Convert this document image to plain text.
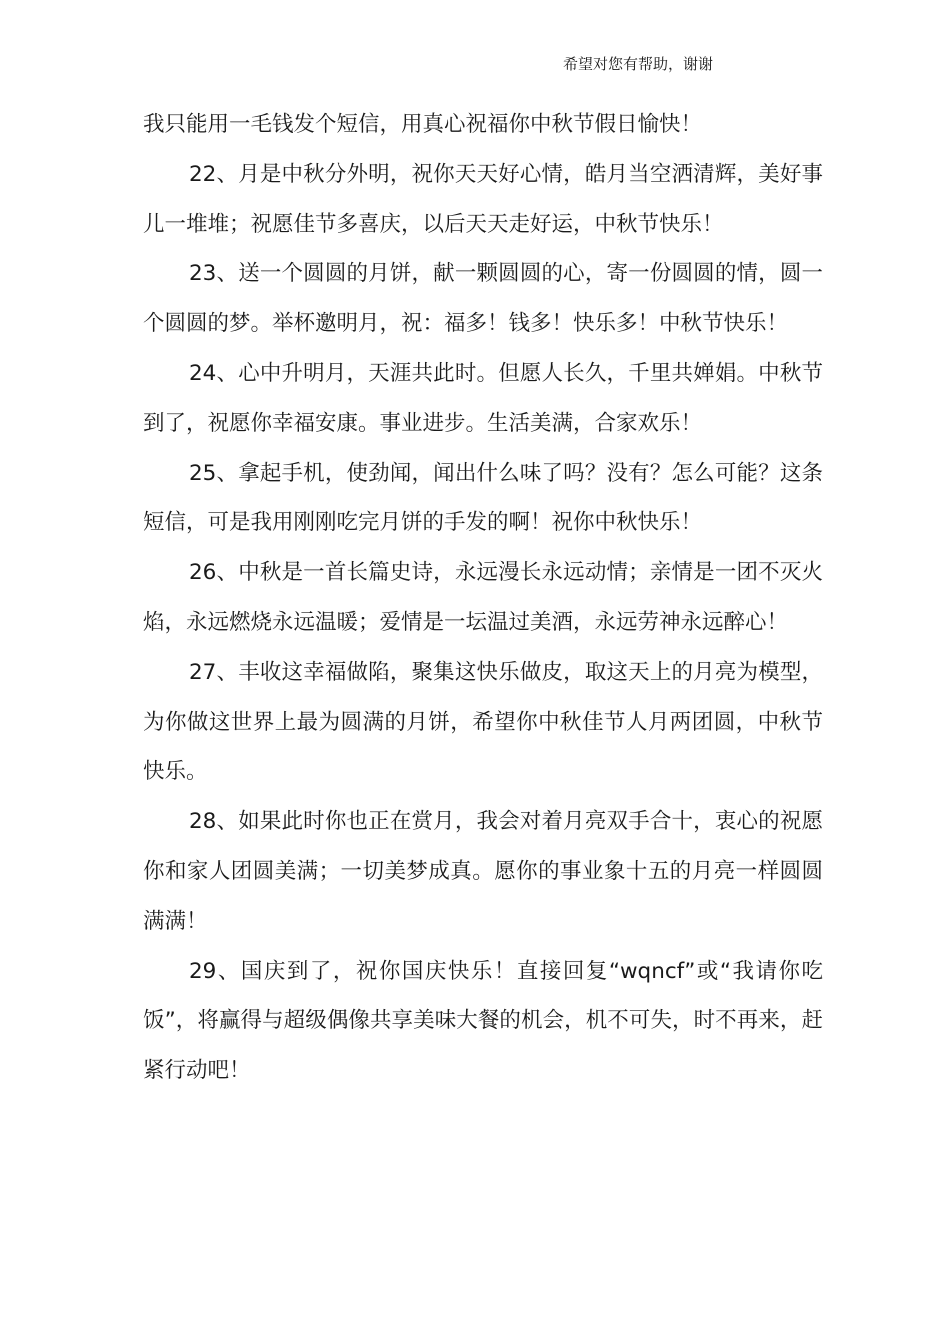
希望对您有帮助，谢谢

我只能用一毛钱发个短信，用真心祝福你中秋节假日愉快！

22、月是中秋分外明，祝你天天好心情，皓月当空洒清辉，美好事儿一堆堆；祝愿佳节多喜庆，以后天天走好运，中秋节快乐！

23、送一个圆圆的月饼，献一颗圆圆的心，寄一份圆圆的情，圆一个圆圆的梦。举杯邀明月，祝：福多！钱多！快乐多！中秋节快乐！

24、心中升明月，天涯共此时。但愿人长久，千里共婵娟。中秋节到了，祝愿你幸福安康。事业进步。生活美满，合家欢乐！

25、拿起手机，使劲闻，闻出什么味了吗？没有？怎么可能？这条短信，可是我用刚刚吃完月饼的手发的啊！祝你中秋快乐！

26、中秋是一首长篇史诗，永远漫长永远动情；亲情是一团不灭火焰，永远燃烧永远温暖；爱情是一坛温过美酒，永远劳神永远醉心！

27、丰收这幸福做陷，聚集这快乐做皮，取这天上的月亮为模型，为你做这世界上最为圆满的月饼，希望你中秋佳节人月两团圆，中秋节快乐。

28、如果此时你也正在赏月，我会对着月亮双手合十，衷心的祝愿你和家人团圆美满；一切美梦成真。愿你的事业象十五的月亮一样圆圆满满！

29、国庆到了，祝你国庆快乐！直接回复“wqncf”或“我请你吃饭”，将赢得与超级偶像共享美味大餐的机会，机不可失，时不再来，赶紧行动吧！
